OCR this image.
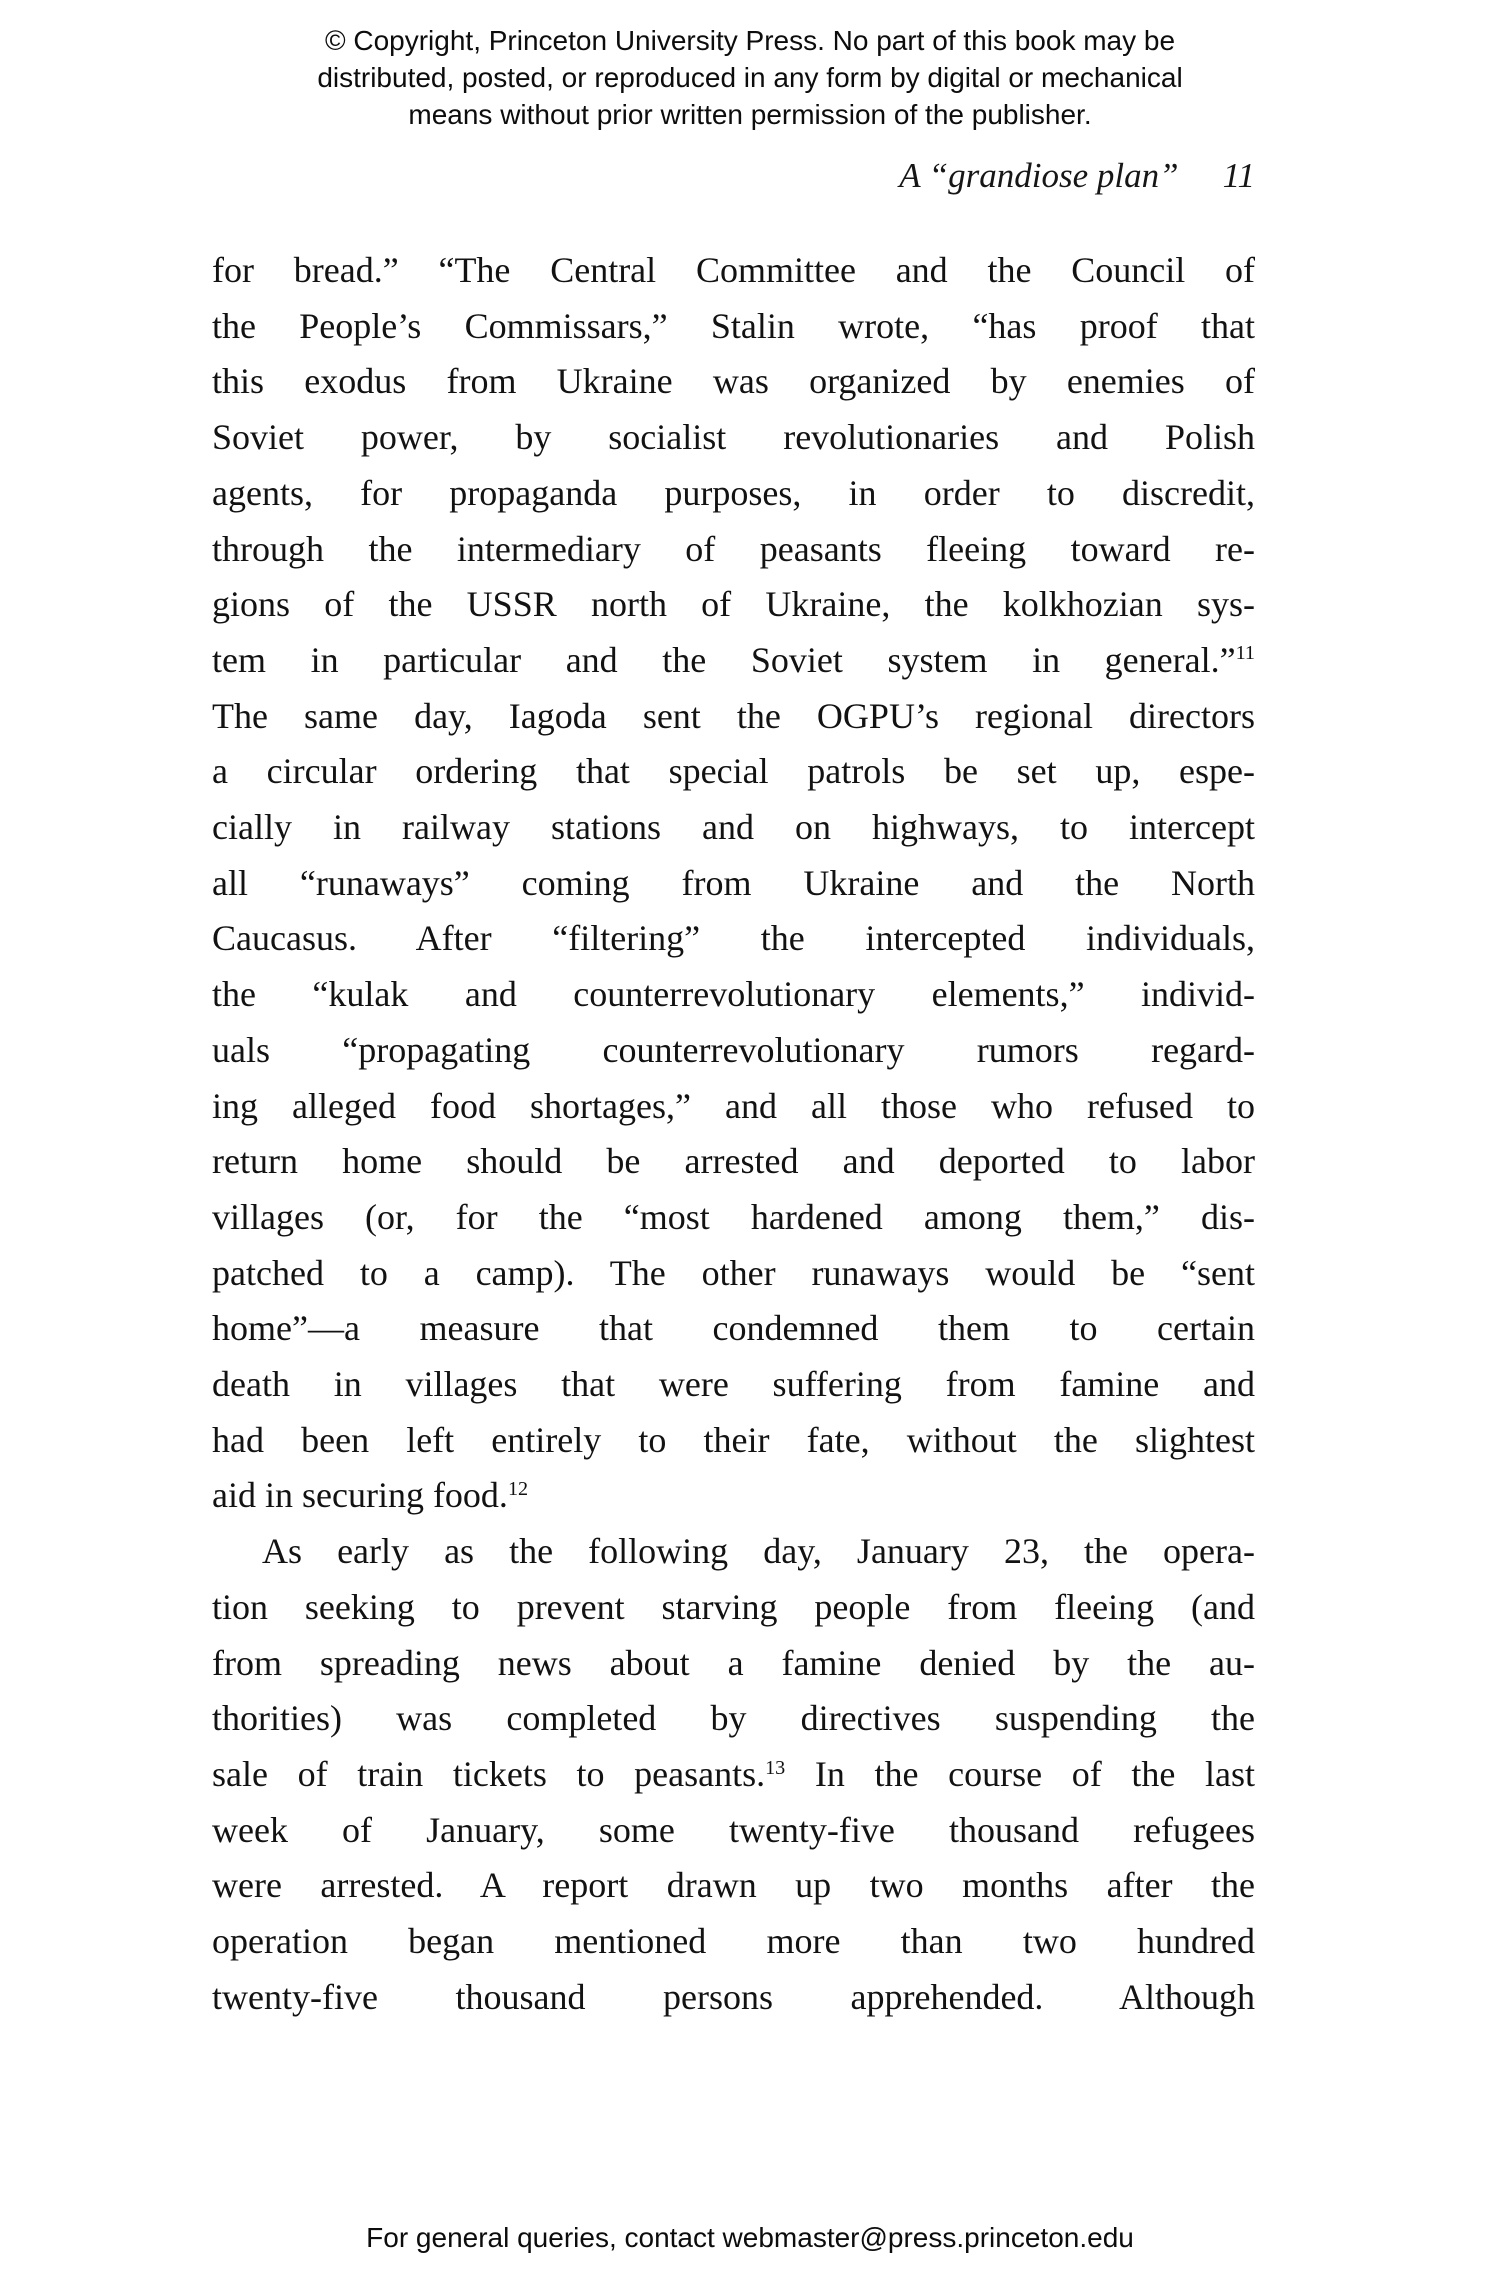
© Copyright, Princeton University Press. No part of this book may be
distributed, posted, or reproduced in any form by digital or mechanical
means without prior written permission of the publisher.
A “grandiose plan” 11
for bread.” “The Central Committee and the Council of
the People’s Commissars,” Stalin wrote, “has proof that
this exodus from Ukraine was organized by enemies of
Soviet power, by socialist revolutionaries and Polish
agents, for propaganda purposes, in order to discredit,
through the intermediary of peasants fleeing toward re-
gions of the USSR north of Ukraine, the kolkhozian sys-
tem in particular and the Soviet system in general.”$^{11}$
The same day, Iagoda sent the OGPU’s regional directors
a circular ordering that special patrols be set up, espe-
cially in railway stations and on highways, to intercept
all “runaways” coming from Ukraine and the North
Caucasus. After “filtering” the intercepted individuals,
the “kulak and counterrevolutionary elements,” individ-
uals “propagating counterrevolutionary rumors regard-
ing alleged food shortages,” and all those who refused to
return home should be arrested and deported to labor
villages (or, for the “most hardened among them,” dis-
patched to a camp). The other runaways would be “sent
home”—a measure that condemned them to certain
death in villages that were suffering from famine and
had been left entirely to their fate, without the slightest
aid in securing food.$^{12}$
As early as the following day, January 23, the opera-
tion seeking to prevent starving people from fleeing (and
from spreading news about a famine denied by the au-
thorities) was completed by directives suspending the
sale of train tickets to peasants.$^{13}$ In the course of the last
week of January, some twenty-five thousand refugees
were arrested. A report drawn up two months after the
operation began mentioned more than two hundred
twenty-five thousand persons apprehended. Although
For general queries, contact webmaster@press.princeton.edu
